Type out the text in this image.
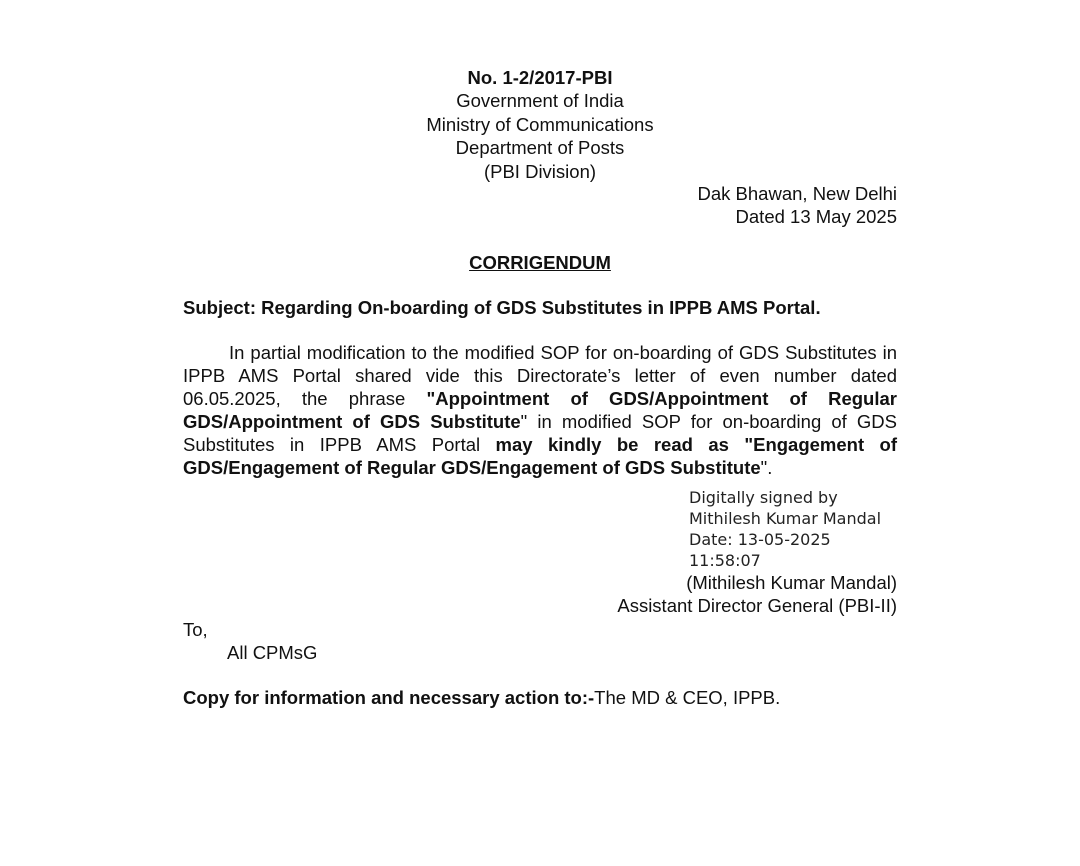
No. 1-2/2017-PBI
Government of India
Ministry of Communications
Department of Posts
(PBI Division)
Dak Bhawan, New Delhi
Dated 13 May 2025
CORRIGENDUM
Subject: Regarding On-boarding of GDS Substitutes in IPPB AMS Portal.
In partial modification to the modified SOP for on-boarding of GDS Substitutes in IPPB AMS Portal shared vide this Directorate’s letter of even number dated 06.05.2025, the phrase "Appointment of GDS/Appointment of Regular GDS/Appointment of GDS Substitute" in modified SOP for on-boarding of GDS Substitutes in IPPB AMS Portal may kindly be read as "Engagement of GDS/Engagement of Regular GDS/Engagement of GDS Substitute".
Digitally signed by
Mithilesh Kumar Mandal
Date: 13-05-2025
11:58:07
(Mithilesh Kumar Mandal)
Assistant Director General (PBI-II)
To,
All CPMsG
Copy for information and necessary action to:-The MD & CEO, IPPB.
